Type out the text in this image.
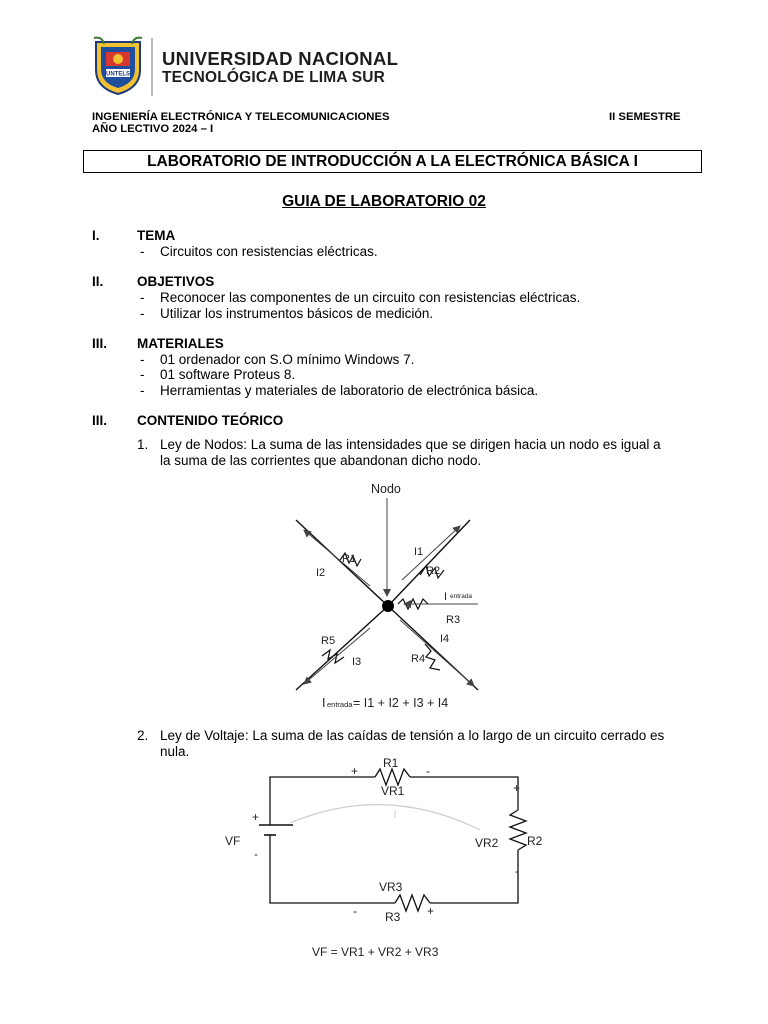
UNTELS
UNIVERSIDAD NACIONAL
TECNOLÓGICA DE LIMA SUR
INGENIERÍA ELECTRÓNICA Y TELECOMUNICACIONES	II SEMESTRE
AÑO LECTIVO 2024 – I
LABORATORIO DE INTRODUCCIÓN A LA ELECTRÓNICA BÁSICA I
GUIA DE LABORATORIO 02
I.	TEMA
- Circuitos con resistencias eléctricas.
II. OBJETIVOS
- Reconocer las componentes de un circuito con resistencias eléctricas.
- Utilizar los instrumentos básicos de medición.
III. MATERIALES
- 01 ordenador con S.O mínimo Windows 7.
- 01 software Proteus 8.
- Herramientas y materiales de laboratorio de electrónica básica.
III. CONTENIDO TEÓRICO
1. Ley de Nodos: La suma de las intensidades que se dirigen hacia un nodo es igual a
la suma de las corrientes que abandonan dicho nodo.
Nodo
R1
I2
I1
R2
I entrada
R3
R5
I3
I4
R4
I entrada = I1 + I2 + I3 + I4
2. Ley de Voltaje: La suma de las caídas de tensión a lo largo de un circuito cerrado es
nula.
R1
VR1
+	-
+
R2
VR2
-
+
VF
-
VR3
-	+
R3
VF = VR1 + VR2 + VR3
